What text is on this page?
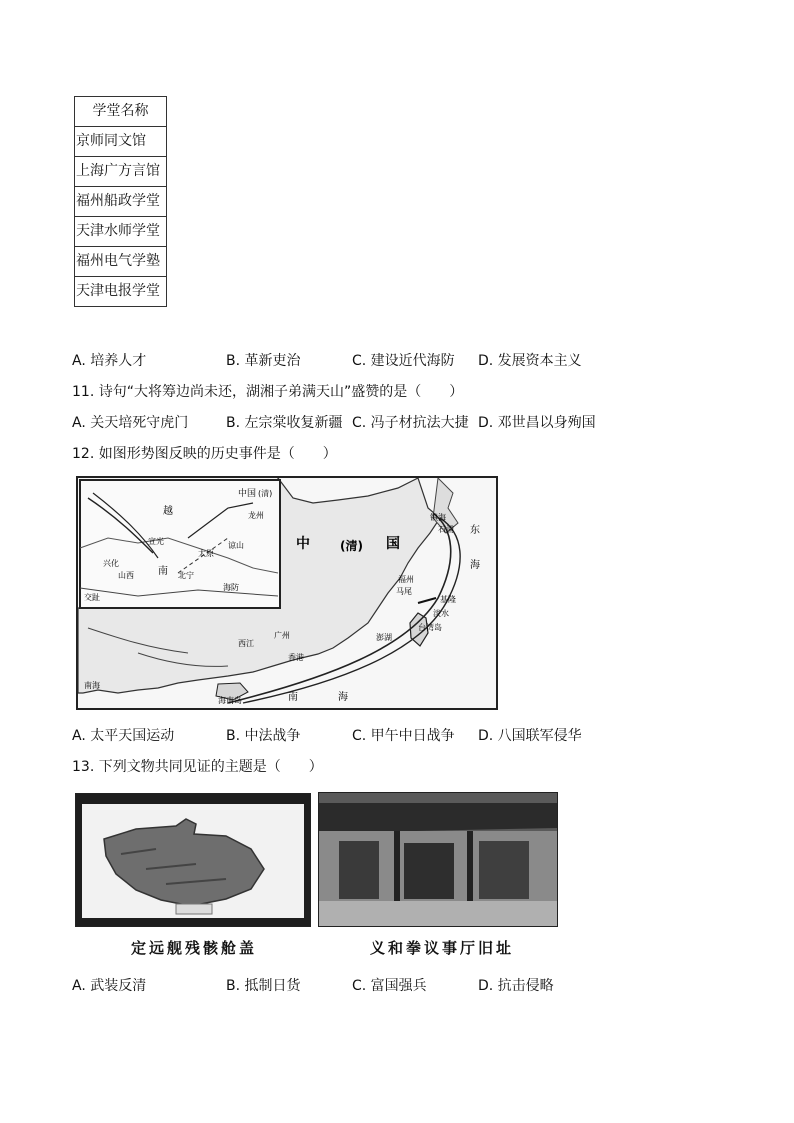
学堂名称
京师同文馆
上海广方言馆
福州船政学堂
天津水师学堂
福州电气学塾
天津电报学堂
A. 培养人才	B. 革新吏治	C. 建设近代海防 D. 发展资本主义
11. 诗句“大将筹边尚未还，湖湘子弟满天山”盛赞的是（　　）
A. 关天培死守虎门	B. 左宗棠收复新疆 C. 冯子材抗法大捷 D. 邓世昌以身殉国
12. 如图形势图反映的历史事件是（　　）
中	(清) 国
中国 (清)
越
南
宣光
太原
兴化
山西	北宁
谅山
龙州
海防
交趾
镇海
石浦 东
海
福州
马尾
基隆
淡水
台湾岛
澎湖
广州
西江
香港
海南岛	南	海
南海
A. 太平天国运动	B. 中法战争	C. 甲午中日战争 D. 八国联军侵华
13. 下列文物共同见证的主题是（　　）
定远舰残骸舱盖	义和拳议事厅旧址
A. 武装反清	B. 抵制日货	C. 富国强兵	D. 抗击侵略
